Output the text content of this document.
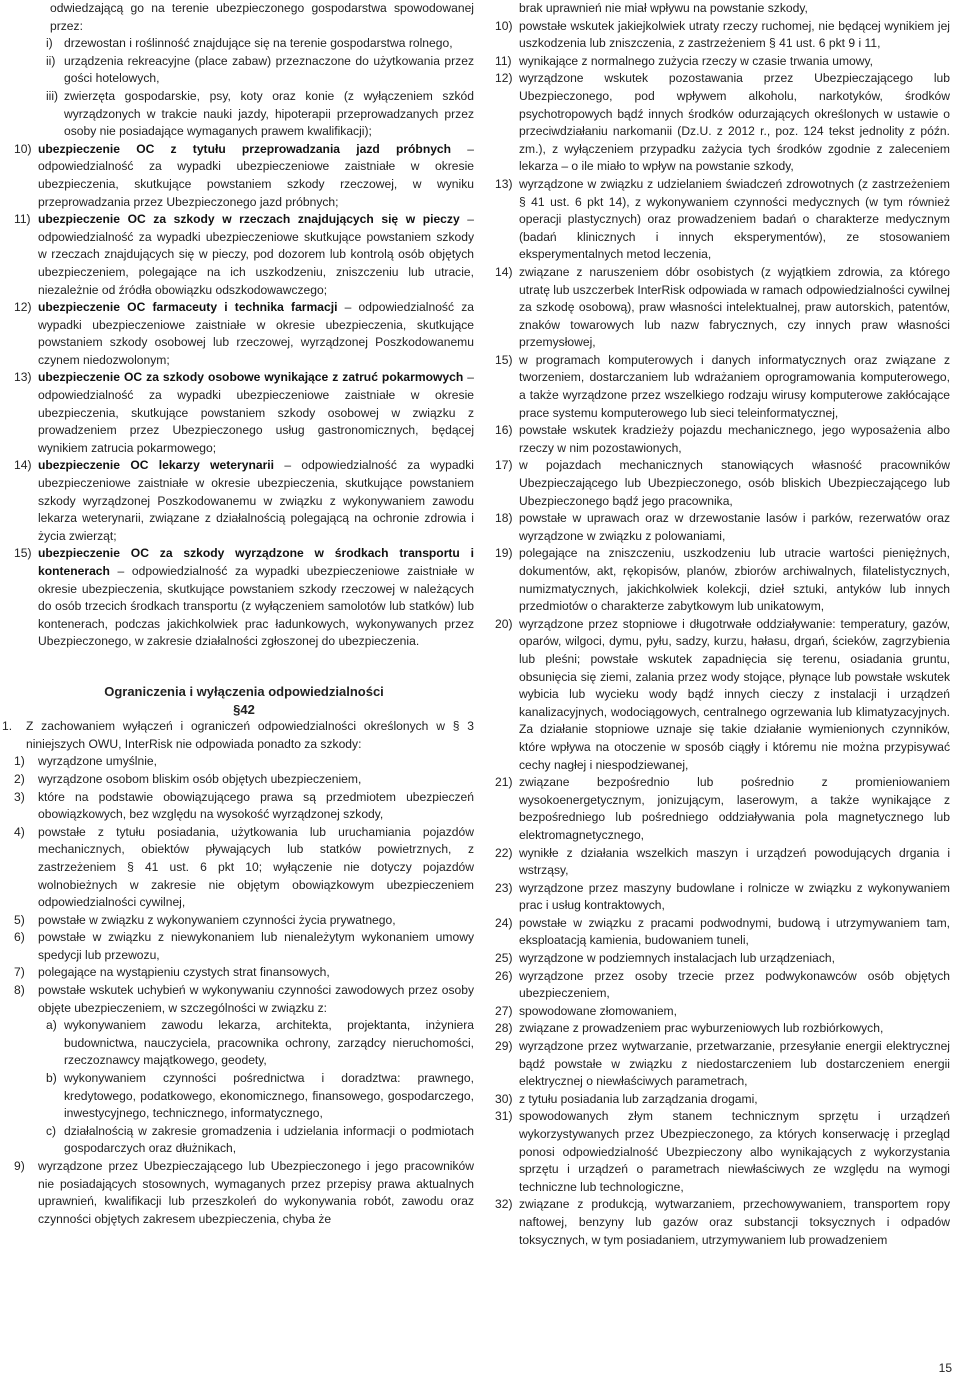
odwiedzającą go na terenie ubezpieczonego gospodarstwa spowodowanej przez:
i) drzewostan i roślinność znajdujące się na terenie gospodarstwa rolnego,
ii) urządzenia rekreacyjne (place zabaw) przeznaczone do użytkowania przez gości hotelowych,
iii) zwierzęta gospodarskie, psy, koty oraz konie (z wyłączeniem szkód wyrządzonych w trakcie nauki jazdy, hipoterapii przeprowadzanych przez osoby nie posiadające wymaganych prawem kwalifikacji);
10) ubezpieczenie OC z tytułu przeprowadzania jazd próbnych – odpowiedzialność za wypadki ubezpieczeniowe zaistniałe w okresie ubezpieczenia, skutkujące powstaniem szkody rzeczowej, w wyniku przeprowadzania przez Ubezpieczonego jazd próbnych;
11) ubezpieczenie OC za szkody w rzeczach znajdujących się w pieczy – odpowiedzialność za wypadki ubezpieczeniowe skutkujące powstaniem szkody w rzeczach znajdujących się w pieczy, pod dozorem lub kontrolą osób objętych ubezpieczeniem, polegające na ich uszkodzeniu, zniszczeniu lub utracie, niezależnie od źródła obowiązku odszkodowawczego;
12) ubezpieczenie OC farmaceuty i technika farmacji – odpowiedzialność za wypadki ubezpieczeniowe zaistniałe w okresie ubezpieczenia, skutkujące powstaniem szkody osobowej lub rzeczowej, wyrządzonej Poszkodowanemu czynem niedozwolonym;
13) ubezpieczenie OC za szkody osobowe wynikające z zatruć pokarmowych – odpowiedzialność za wypadki ubezpieczeniowe zaistniałe w okresie ubezpieczenia, skutkujące powstaniem szkody osobowej w związku z prowadzeniem przez Ubezpieczonego usług gastronomicznych, będącej wynikiem zatrucia pokarmowego;
14) ubezpieczenie OC lekarzy weterynarii – odpowiedzialność za wypadki ubezpieczeniowe zaistniałe w okresie ubezpieczenia, skutkujące powstaniem szkody wyrządzonej Poszkodowanemu w związku z wykonywaniem zawodu lekarza weterynarii, związane z działalnością polegającą na ochronie zdrowia i życia zwierząt;
15) ubezpieczenie OC za szkody wyrządzone w środkach transportu i kontenerach – odpowiedzialność za wypadki ubezpieczeniowe zaistniałe w okresie ubezpieczenia, skutkujące powstaniem szkody rzeczowej w należących do osób trzecich środkach transportu (z wyłączeniem samolotów lub statków) lub kontenerach, podczas jakichkolwiek prac ładunkowych, wykonywanych przez Ubezpieczonego, w zakresie działalności zgłoszonej do ubezpieczenia.
Ograniczenia i wyłączenia odpowiedzialności
§42
1. Z zachowaniem wyłączeń i ograniczeń odpowiedzialności określonych w § 3 niniejszych OWU, InterRisk nie odpowiada ponadto za szkody:
1) wyrządzone umyślnie,
2) wyrządzone osobom bliskim osób objętych ubezpieczeniem,
3) które na podstawie obowiązującego prawa są przedmiotem ubezpieczeń obowiązkowych, bez względu na wysokość wyrządzonej szkody,
4) powstałe z tytułu posiadania, użytkowania lub uruchamiania pojazdów mechanicznych, obiektów pływających lub statków powietrznych, z zastrzeżeniem § 41 ust. 6 pkt 10; wyłączenie nie dotyczy pojazdów wolnobieżnych w zakresie nie objętym obowiązkowym ubezpieczeniem odpowiedzialności cywilnej,
5) powstałe w związku z wykonywaniem czynności życia prywatnego,
6) powstałe w związku z niewykonaniem lub nienależytym wykonaniem umowy spedycji lub przewozu,
7) polegające na wystąpieniu czystych strat finansowych,
8) powstałe wskutek uchybień w wykonywaniu czynności zawodowych przez osoby objęte ubezpieczeniem, w szczególności w związku z:
a) wykonywaniem zawodu lekarza, architekta, projektanta, inżyniera budownictwa, nauczyciela, pracownika ochrony, zarządcy nieruchomości, rzeczoznawcy majątkowego, geodety,
b) wykonywaniem czynności pośrednictwa i doradztwa: prawnego, kredytowego, podatkowego, ekonomicznego, finansowego, gospodarczego, inwestycyjnego, technicznego, informatycznego,
c) działalnością w zakresie gromadzenia i udzielania informacji o podmiotach gospodarczych oraz dłużnikach,
9) wyrządzone przez Ubezpieczającego lub Ubezpieczonego i jego pracowników nie posiadających stosownych, wymaganych przez przepisy prawa aktualnych uprawnień, kwalifikacji lub przeszkoleń do wykonywania robót, zawodu oraz czynności objętych zakresem ubezpieczenia, chyba że
brak uprawnień nie miał wpływu na powstanie szkody,
10) powstałe wskutek jakiejkolwiek utraty rzeczy ruchomej, nie będącej wynikiem jej uszkodzenia lub zniszczenia, z zastrzeżeniem § 41 ust. 6 pkt 9 i 11,
11) wynikające z normalnego zużycia rzeczy w czasie trwania umowy,
12) wyrządzone wskutek pozostawania przez Ubezpieczającego lub Ubezpieczonego, pod wpływem alkoholu, narkotyków, środków psychotropowych bądź innych środków odurzających określonych w ustawie o przeciwdziałaniu narkomanii (Dz.U. z 2012 r., poz. 124 tekst jednolity z późn. zm.), z wyłączeniem przypadku zażycia tych środków zgodnie z zaleceniem lekarza – o ile miało to wpływ na powstanie szkody,
13) wyrządzone w związku z udzielaniem świadczeń zdrowotnych (z zastrzeżeniem § 41 ust. 6 pkt 14), z wykonywaniem czynności medycznych (w tym również operacji plastycznych) oraz prowadzeniem badań o charakterze medycznym (badań klinicznych i innych eksperymentów), ze stosowaniem eksperymentalnych metod leczenia,
14) związane z naruszeniem dóbr osobistych (z wyjątkiem zdrowia, za którego utratę lub uszczerbek InterRisk odpowiada w ramach odpowiedzialności cywilnej za szkodę osobową), praw własności intelektualnej, praw autorskich, patentów, znaków towarowych lub nazw fabrycznych, czy innych praw własności przemysłowej,
15) w programach komputerowych i danych informatycznych oraz związane z tworzeniem, dostarczaniem lub wdrażaniem oprogramowania komputerowego, a także wyrządzone przez wszelkiego rodzaju wirusy komputerowe zakłócające prace systemu komputerowego lub sieci teleinformatycznej,
16) powstałe wskutek kradzieży pojazdu mechanicznego, jego wyposażenia albo rzeczy w nim pozostawionych,
17) w pojazdach mechanicznych stanowiących własność pracowników Ubezpieczającego lub Ubezpieczonego, osób bliskich Ubezpieczającego lub Ubezpieczonego bądź jego pracownika,
18) powstałe w uprawach oraz w drzewostanie lasów i parków, rezerwatów oraz wyrządzone w związku z polowaniami,
19) polegające na zniszczeniu, uszkodzeniu lub utracie wartości pieniężnych, dokumentów, akt, rękopisów, planów, zbiorów archiwalnych, filatelistycznych, numizmatycznych, jakichkolwiek kolekcji, dzieł sztuki, antyków lub innych przedmiotów o charakterze zabytkowym lub unikatowym,
20) wyrządzone przez stopniowe i długotrwałe oddziaływanie: temperatury, gazów, oparów, wilgoci, dymu, pyłu, sadzy, kurzu, hałasu, drgań, ścieków, zagrzybienia lub pleśni; powstałe wskutek zapadnięcia się terenu, osiadania gruntu, obsunięcia się ziemi, zalania przez wody stojące, płynące lub powstałe wskutek wybicia lub wycieku wody bądź innych cieczy z instalacji i urządzeń kanalizacyjnych, wodociągowych, centralnego ogrzewania lub klimatyzacyjnych. Za działanie stopniowe uznaje się takie działanie wymienionych czynników, które wpływa na otoczenie w sposób ciągły i któremu nie można przypisywać cechy nagłej i niespodziewanej,
21) związane bezpośrednio lub pośrednio z promieniowaniem wysokoenergetycznym, jonizującym, laserowym, a także wynikające z bezpośredniego lub pośredniego oddziaływania pola magnetycznego lub elektromagnetycznego,
22) wynikłe z działania wszelkich maszyn i urządzeń powodujących drgania i wstrząsy,
23) wyrządzone przez maszyny budowlane i rolnicze w związku z wykonywaniem prac i usług kontraktowych,
24) powstałe w związku z pracami podwodnymi, budową i utrzymywaniem tam, eksploatacją kamienia, budowaniem tuneli,
25) wyrządzone w podziemnych instalacjach lub urządzeniach,
26) wyrządzone przez osoby trzecie przez podwykonawców osób objętych ubezpieczeniem,
27) spowodowane złomowaniem,
28) związane z prowadzeniem prac wyburzeniowych lub rozbiórkowych,
29) wyrządzone przez wytwarzanie, przetwarzanie, przesyłanie energii elektrycznej bądź powstałe w związku z niedostarczeniem lub dostarczeniem energii elektrycznej o niewłaściwych parametrach,
30) z tytułu posiadania lub zarządzania drogami,
31) spowodowanych złym stanem technicznym sprzętu i urządzeń wykorzystywanych przez Ubezpieczonego, za których konserwację i przegląd ponosi odpowiedzialność Ubezpieczony albo wynikających z wykorzystania sprzętu i urządzeń o parametrach niewłaściwych ze względu na wymogi techniczne lub technologiczne,
32) związane z produkcją, wytwarzaniem, przechowywaniem, transportem ropy naftowej, benzyny lub gazów oraz substancji toksycznych i odpadów toksycznych, w tym posiadaniem, utrzymywaniem lub prowadzeniem
15
